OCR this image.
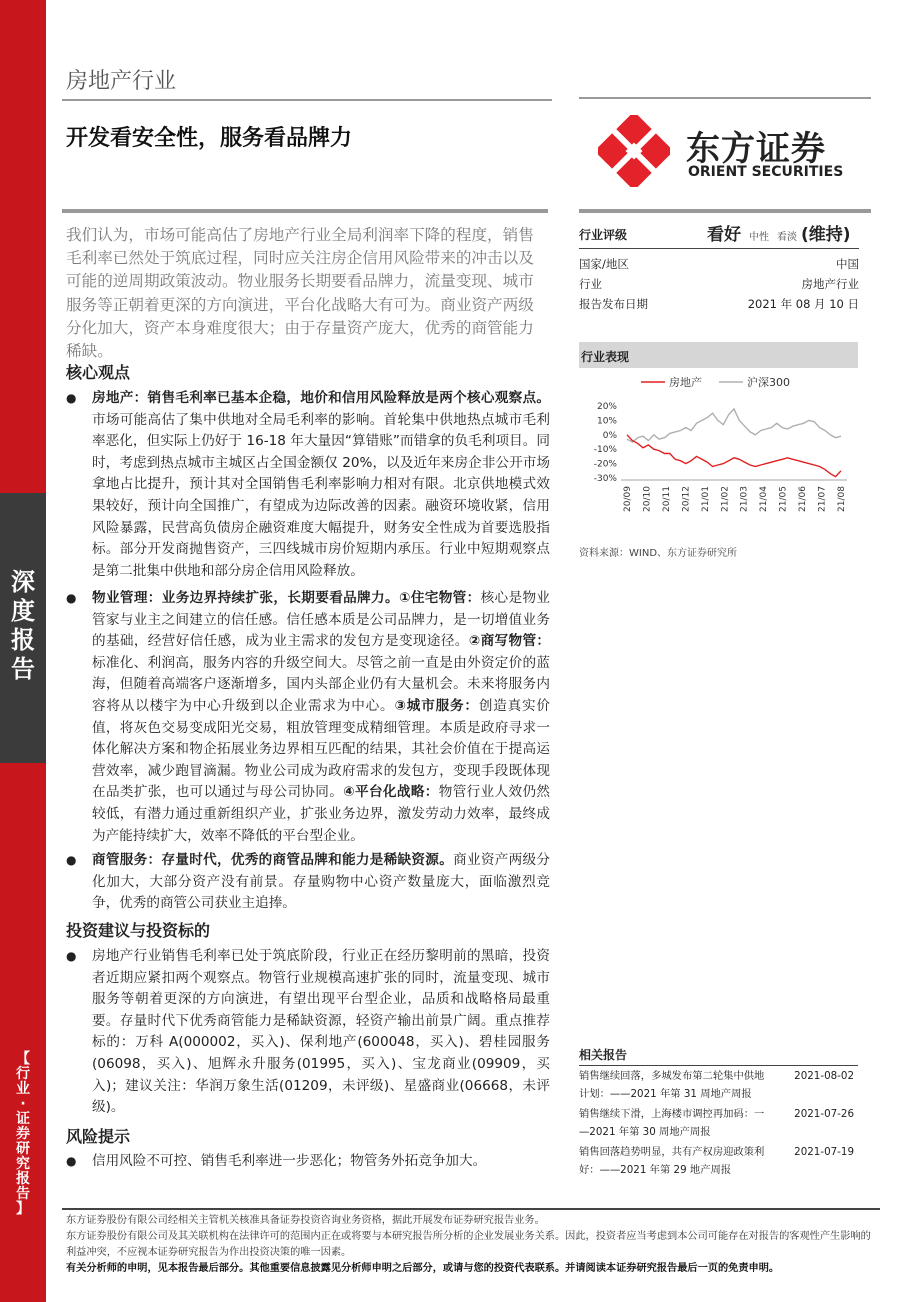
深
度
报
告
【
行
业
·
证
券
研
究
报
告
】
房地产行业
开发看安全性，服务看品牌力	东方证券
ORIENT SECURITIES
我们认为，市场可能高估了房地产行业全局利润率下降的程度，销售毛利率已然处于筑底过程，同时应关注房企信用风险带来的冲击以及可能的逆周期政策波动。物业服务长期要看品牌力，流量变现、城市服务等正朝着更深的方向演进，平台化战略大有可为。商业资产两级分化加大，资产本身难度很大；由于存量资产庞大，优秀的商管能力稀缺。
核心观点
● 房地产：销售毛利率已基本企稳，地价和信用风险释放是两个核心观察点。市场可能高估了集中供地对全局毛利率的影响。首轮集中供地热点城市毛利率恶化，但实际上仍好于 16-18 年大量因“算错账”而错拿的负毛利项目。同时，考虑到热点城市主城区占全国金额仅 20%，以及近年来房企非公开市场拿地占比提升，预计其对全国销售毛利率影响力相对有限。北京供地模式效果较好，预计向全国推广，有望成为边际改善的因素。融资环境收紧，信用风险暴露，民营高负债房企融资难度大幅提升，财务安全性成为首要选股指标。部分开发商抛售资产，三四线城市房价短期内承压。行业中短期观察点是第二批集中供地和部分房企信用风险释放。
● 物业管理：业务边界持续扩张，长期要看品牌力。①住宅物管：核心是物业管家与业主之间建立的信任感。信任感本质是公司品牌力，是一切增值业务的基础，经营好信任感，成为业主需求的发包方是变现途径。②商写物管：标准化、利润高，服务内容的升级空间大。尽管之前一直是由外资定价的蓝海，但随着高端客户逐渐增多，国内头部企业仍有大量机会。未来将服务内容将从以楼宇为中心升级到以企业需求为中心。③城市服务：创造真实价值，将灰色交易变成阳光交易，粗放管理变成精细管理。本质是政府寻求一体化解决方案和物企拓展业务边界相互匹配的结果，其社会价值在于提高运营效率，减少跑冒滴漏。物业公司成为政府需求的发包方，变现手段既体现在品类扩张，也可以通过与母公司协同。④平台化战略：物管行业人效仍然较低，有潜力通过重新组织产业，扩张业务边界，激发劳动力效率，最终成为产能持续扩大，效率不降低的平台型企业。
● 商管服务：存量时代，优秀的商管品牌和能力是稀缺资源。商业资产两级分化加大，大部分资产没有前景。存量购物中心资产数量庞大，面临激烈竞争，优秀的商管公司获业主追捧。
投资建议与投资标的
● 房地产行业销售毛利率已处于筑底阶段，行业正在经历黎明前的黑暗，投资者近期应紧扣两个观察点。物管行业规模高速扩张的同时，流量变现、城市服务等朝着更深的方向演进，有望出现平台型企业，品质和战略格局最重要。存量时代下优秀商管能力是稀缺资源，轻资产输出前景广阔。重点推荐标的：万科 A(000002，买入)、保利地产(600048，买入)、碧桂园服务(06098，买入)、旭辉永升服务(01995，买入)、宝龙商业(09909，买入)；建议关注：华润万象生活(01209，未评级)、星盛商业(06668，未评级)。
风险提示
● 信用风险不可控、销售毛利率进一步恶化；物管务外拓竞争加大。
行业评级	看好 中性 看淡 (维持)
国家/地区	中国
行业	房地产行业
报告发布日期	2021 年 08 月 10 日
行业表现
房地产	沪深300
20%
10%
0%
-10%
-20%
-30%
20/09 20/10 20/11 20/12 21/01 21/02 21/03 21/04 21/05 21/06 21/07 21/08
资料来源：WIND、东方证券研究所
相关报告
销售继续回落，多城发布第二轮集中供地
计划：——2021 年第 31 周地产周报
2021-08-02
销售继续下滑，上海楼市调控再加码：一
—2021 年第 30 周地产周报
2021-07-26
销售回落趋势明显，共有产权房迎政策利
好：——2021 年第 29 地产周报
2021-07-19
东方证券股份有限公司经相关主管机关核准具备证券投资咨询业务资格，据此开展发布证券研究报告业务。
东方证券股份有限公司及其关联机构在法律许可的范围内正在或将要与本研究报告所分析的企业发展业务关系。因此，投资者应当考虑到本公司可能存在对报告的客观性产生影响的利益冲突，不应视本证券研究报告为作出投资决策的唯一因素。
有关分析师的申明，见本报告最后部分。其他重要信息披露见分析师申明之后部分，或请与您的投资代表联系。并请阅读本证券研究报告最后一页的免责申明。
